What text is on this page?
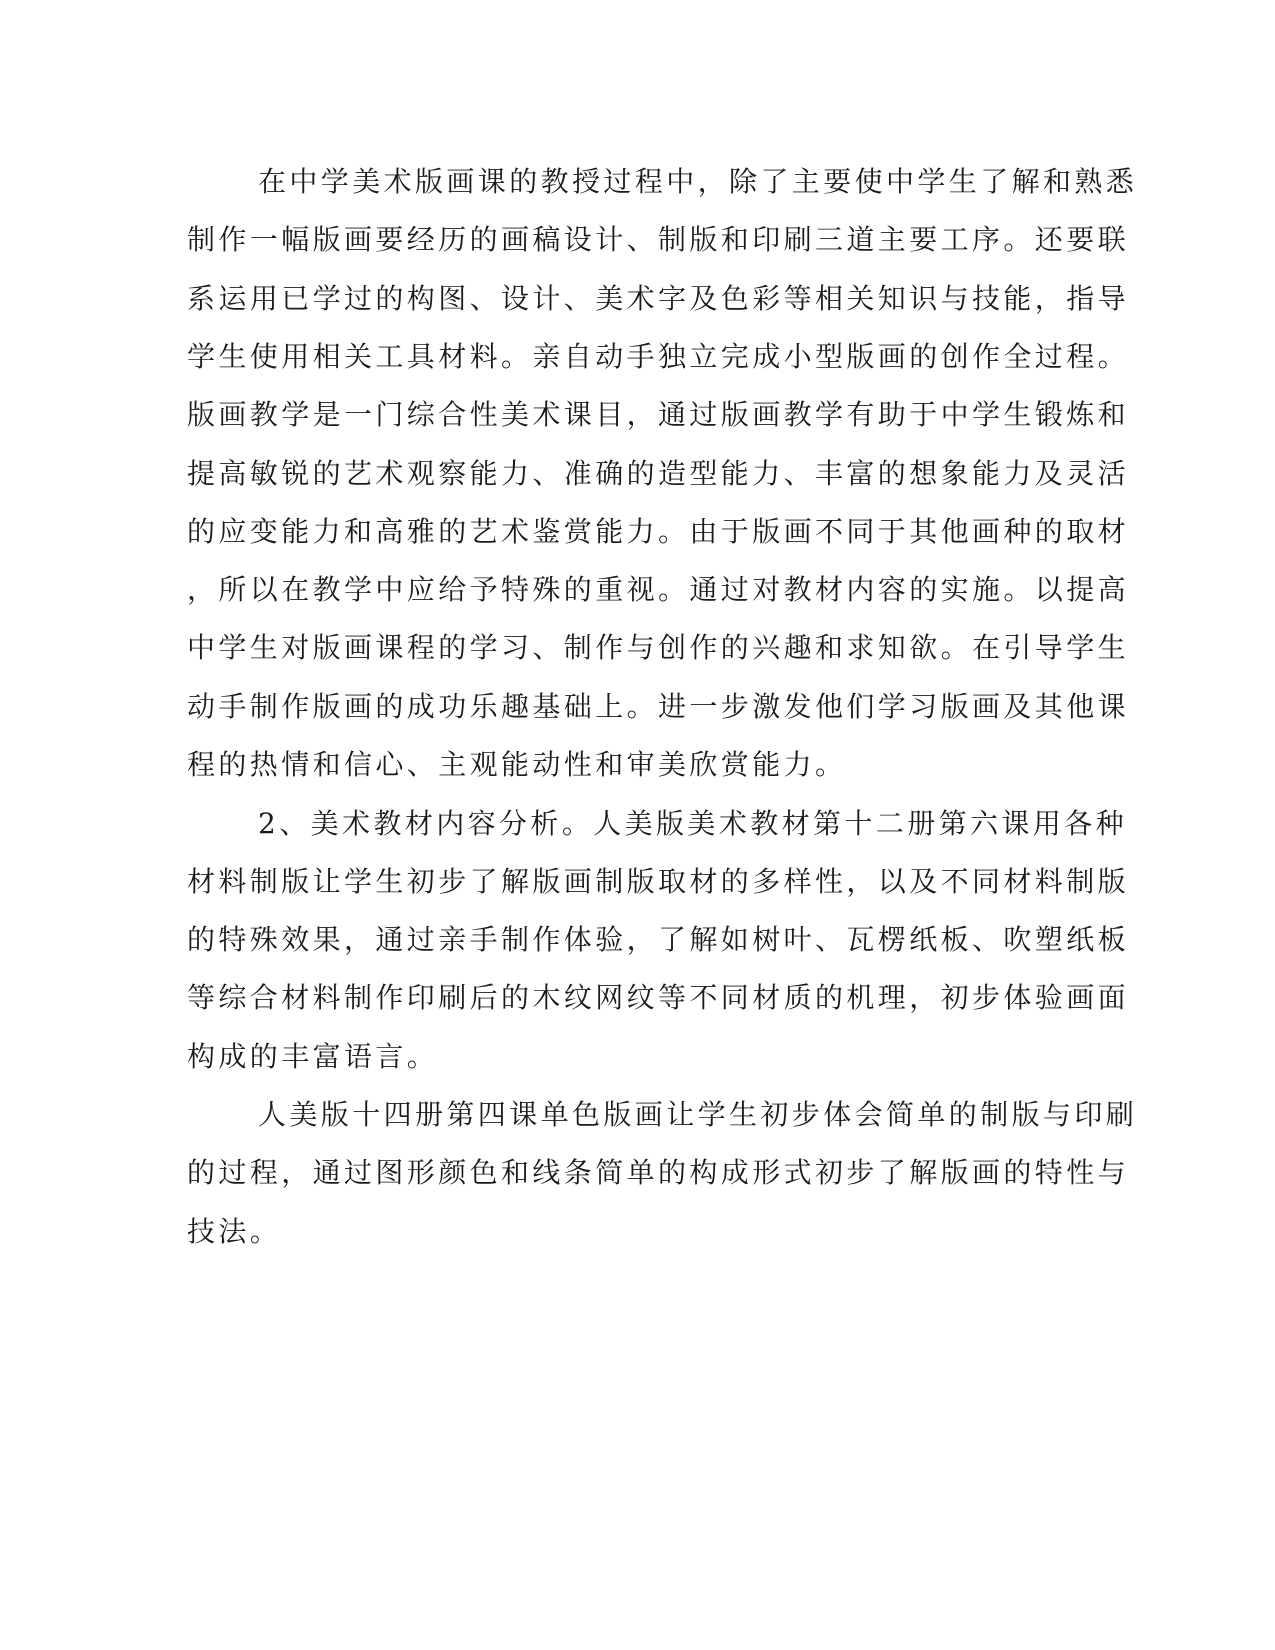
在中学美术版画课的教授过程中，除了主要使中学生了解和熟悉
制作一幅版画要经历的画稿设计、制版和印刷三道主要工序。还要联
系运用已学过的构图、设计、美术字及色彩等相关知识与技能，指导
学生使用相关工具材料。亲自动手独立完成小型版画的创作全过程。
版画教学是一门综合性美术课目，通过版画教学有助于中学生锻炼和
提高敏锐的艺术观察能力、准确的造型能力、丰富的想象能力及灵活
的应变能力和高雅的艺术鉴赏能力。由于版画不同于其他画种的取材
，所以在教学中应给予特殊的重视。通过对教材内容的实施。以提高
中学生对版画课程的学习、制作与创作的兴趣和求知欲。在引导学生
动手制作版画的成功乐趣基础上。进一步激发他们学习版画及其他课
程的热情和信心、主观能动性和审美欣赏能力。
2、美术教材内容分析。人美版美术教材第十二册第六课用各种
材料制版让学生初步了解版画制版取材的多样性，以及不同材料制版
的特殊效果，通过亲手制作体验，了解如树叶、瓦楞纸板、吹塑纸板
等综合材料制作印刷后的木纹网纹等不同材质的机理，初步体验画面
构成的丰富语言。
人美版十四册第四课单色版画让学生初步体会简单的制版与印刷
的过程，通过图形颜色和线条简单的构成形式初步了解版画的特性与
技法。
